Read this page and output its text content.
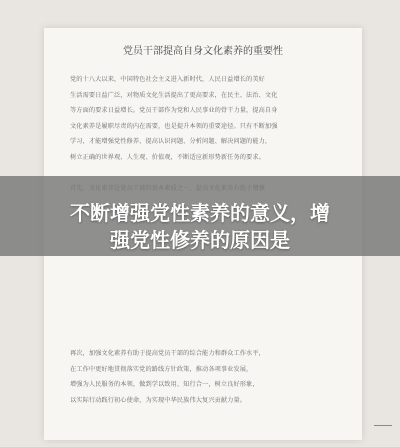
党员干部提高自身文化素养的重要性
党的十八大以来，中国特色社会主义进入新时代，人民日益增长的美好
生活需要日益广泛，对物质文化生活提出了更高要求，在民主、法治、文化
等方面的要求日益增长。党员干部作为党和人民事业的骨干力量，提高自身
文化素养是履职尽责的内在需要，也是提升本领的重要途径。只有不断加强
学习，才能增强党性修养，提高认识问题、分析问题、解决问题的能力，
树立正确的世界观、人生观、价值观，不断适应新形势新任务的要求。
再次，加强文化素养有助于提高党员干部的综合能力和群众工作水平，
在工作中更好地贯彻落实党的路线方针政策，推动各项事业发展，
增强为人民服务的本领，做到学以致用、知行合一，树立良好形象，
以实际行动践行初心使命，为实现中华民族伟大复兴贡献力量。
不断增强党性素养的意义，增
强党性修养的原因是
